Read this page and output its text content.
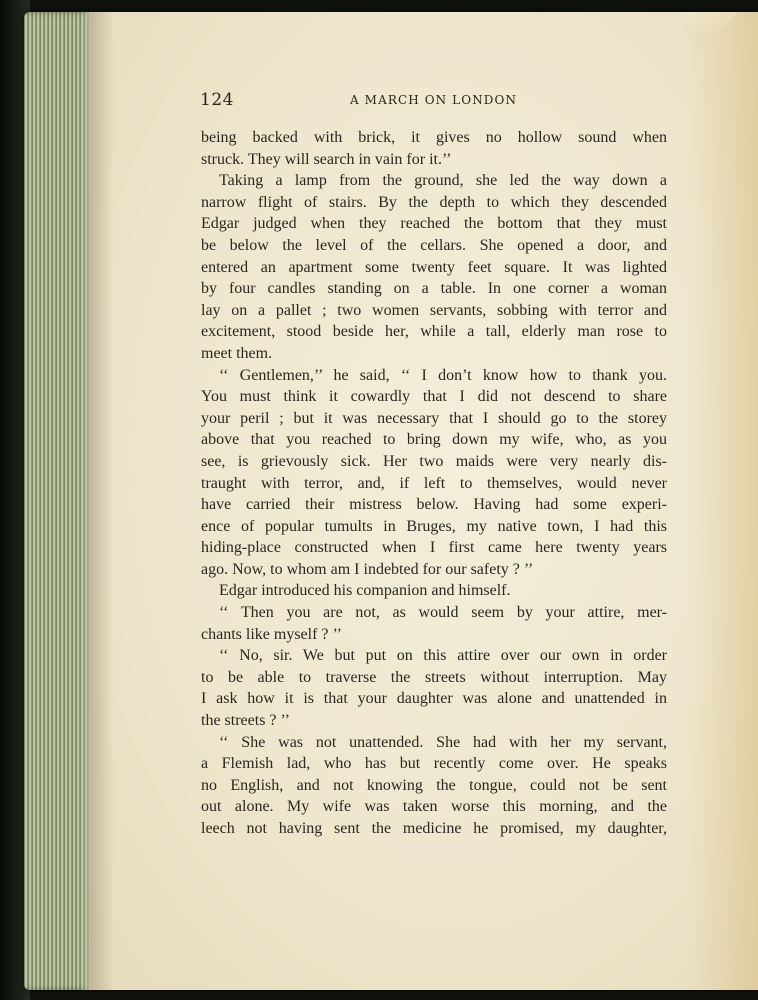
124	A MARCH ON LONDON
being backed with brick, it gives no hollow sound when
struck. They will search in vain for it.’’
Taking a lamp from the ground, she led the way down a
narrow flight of stairs. By the depth to which they descended
Edgar judged when they reached the bottom that they must
be below the level of the cellars. She opened a door, and
entered an apartment some twenty feet square. It was lighted
by four candles standing on a table. In one corner a woman
lay on a pallet ; two women servants, sobbing with terror and
excitement, stood beside her, while a tall, elderly man rose to
meet them.
‘‘ Gentlemen,’’ he said, ‘‘ I don’t know how to thank you.
You must think it cowardly that I did not descend to share
your peril ; but it was necessary that I should go to the storey
above that you reached to bring down my wife, who, as you
see, is grievously sick. Her two maids were very nearly dis-
traught with terror, and, if left to themselves, would never
have carried their mistress below. Having had some experi-
ence of popular tumults in Bruges, my native town, I had this
hiding-place constructed when I first came here twenty years
ago. Now, to whom am I indebted for our safety ? ’’
Edgar introduced his companion and himself.
‘‘ Then you are not, as would seem by your attire, mer-
chants like myself ? ’’
‘‘ No, sir. We but put on this attire over our own in order
to be able to traverse the streets without interruption. May
I ask how it is that your daughter was alone and unattended in
the streets ? ’’
‘‘ She was not unattended. She had with her my servant,
a Flemish lad, who has but recently come over. He speaks
no English, and not knowing the tongue, could not be sent
out alone. My wife was taken worse this morning, and the
leech not having sent the medicine he promised, my daughter,
